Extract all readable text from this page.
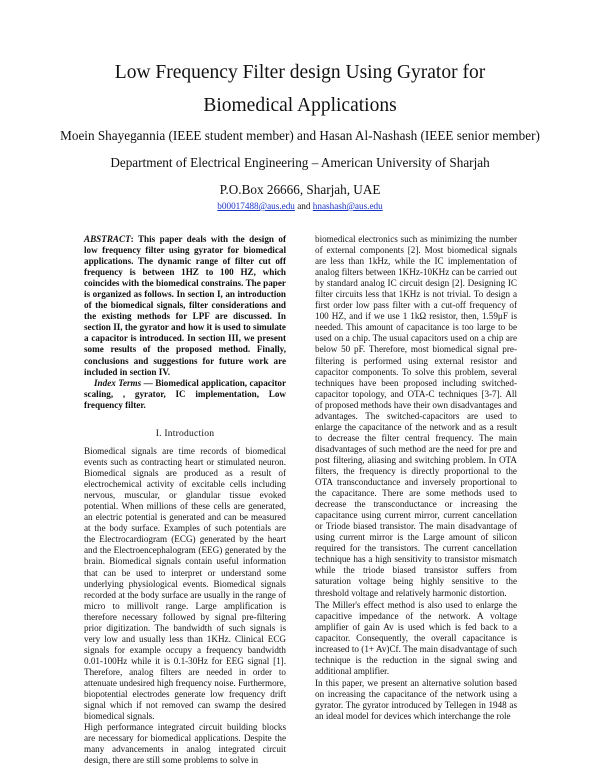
Low Frequency Filter design Using Gyrator for
Biomedical Applications
Moein Shayegannia (IEEE student member) and Hasan Al-Nashash (IEEE senior member)
Department of Electrical Engineering – American University of Sharjah
P.O.Box 26666, Sharjah, UAE
b00017488@aus.edu and hnashash@aus.edu

ABSTRACT: This paper deals with the design of low frequency filter using gyrator for biomedical applications. The dynamic range of filter cut off frequency is between 1HZ to 100 HZ, which coincides with the biomedical constrains. The paper is organized as follows. In section I, an introduction of the biomedical signals, filter considerations and the existing methods for LPF are discussed. In section II, the gyrator and how it is used to simulate a capacitor is introduced. In section III, we present some results of the proposed method. Finally, conclusions and suggestions for future work are included in section IV.

Index Terms — Biomedical application, capacitor scaling, , gyrator, IC implementation, Low frequency filter.

I. Introduction

Biomedical signals are time records of biomedical events such as contracting heart or stimulated neuron. Biomedical signals are produced as a result of electrochemical activity of excitable cells including nervous, muscular, or glandular tissue evoked potential. When millions of these cells are generated, an electric potential is generated and can be measured at the body surface. Examples of such potentials are the Electrocardiogram (ECG) generated by the heart and the Electroencephalogram (EEG) generated by the brain. Biomedical signals contain useful information that can be used to interpret or understand some underlying physiological events. Biomedical signals recorded at the body surface are usually in the range of micro to millivolt range. Large amplification is therefore necessary followed by signal pre-filtering prior digitization. The bandwidth of such signals is very low and usually less than 1KHz. Clinical ECG signals for example occupy a frequency bandwidth 0.01-100Hz while it is 0.1-30Hz for EEG signal [1]. Therefore, analog filters are needed in order to attenuate undesired high frequency noise. Furthermore, biopotential electrodes generate low frequency drift signal which if not removed can swamp the desired biomedical signals.

High performance integrated circuit building blocks are necessary for biomedical applications. Despite the many advancements in analog integrated circuit design, there are still some problems to solve in

biomedical electronics such as minimizing the number of external components [2]. Most biomedical signals are less than 1kHz, while the IC implementation of analog filters between 1KHz-10KHz can be carried out by standard analog IC circuit design [2]. Designing IC filter circuits less that 1KHz is not trivial. To design a first order low pass filter with a cut-off frequency of 100 HZ, and if we use 1 1kΩ resistor, then, 1.59μF is needed. This amount of capacitance is too large to be used on a chip. The usual capacitors used on a chip are below 50 pF. Therefore, most biomedical signal pre-filtering is performed using external resistor and capacitor components. To solve this problem, several techniques have been proposed including switched-capacitor topology, and OTA-C techniques [3-7]. All of proposed methods have their own disadvantages and advantages. The switched-capacitors are used to enlarge the capacitance of the network and as a result to decrease the filter central frequency. The main disadvantages of such method are the need for pre and post filtering, aliasing and switching problem. In OTA filters, the frequency is directly proportional to the OTA transconductance and inversely proportional to the capacitance. There are some methods used to decrease the transconductance or increasing the capacitance using current mirror, current cancellation or Triode biased transistor. The main disadvantage of using current mirror is the Large amount of silicon required for the transistors. The current cancellation technique has a high sensitivity to transistor mismatch while the triode biased transistor suffers from saturation voltage being highly sensitive to the threshold voltage and relatively harmonic distortion.

The Miller's effect method is also used to enlarge the capacitive impedance of the network. A voltage amplifier of gain Av is used which is fed back to a capacitor. Consequently, the overall capacitance is increased to (1+ Av)Cf. The main disadvantage of such technique is the reduction in the signal swing and additional amplifier.

In this paper, we present an alternative solution based on increasing the capacitance of the network using a gyrator. The gyrator introduced by Tellegen in 1948 as an ideal model for devices which interchange the role
